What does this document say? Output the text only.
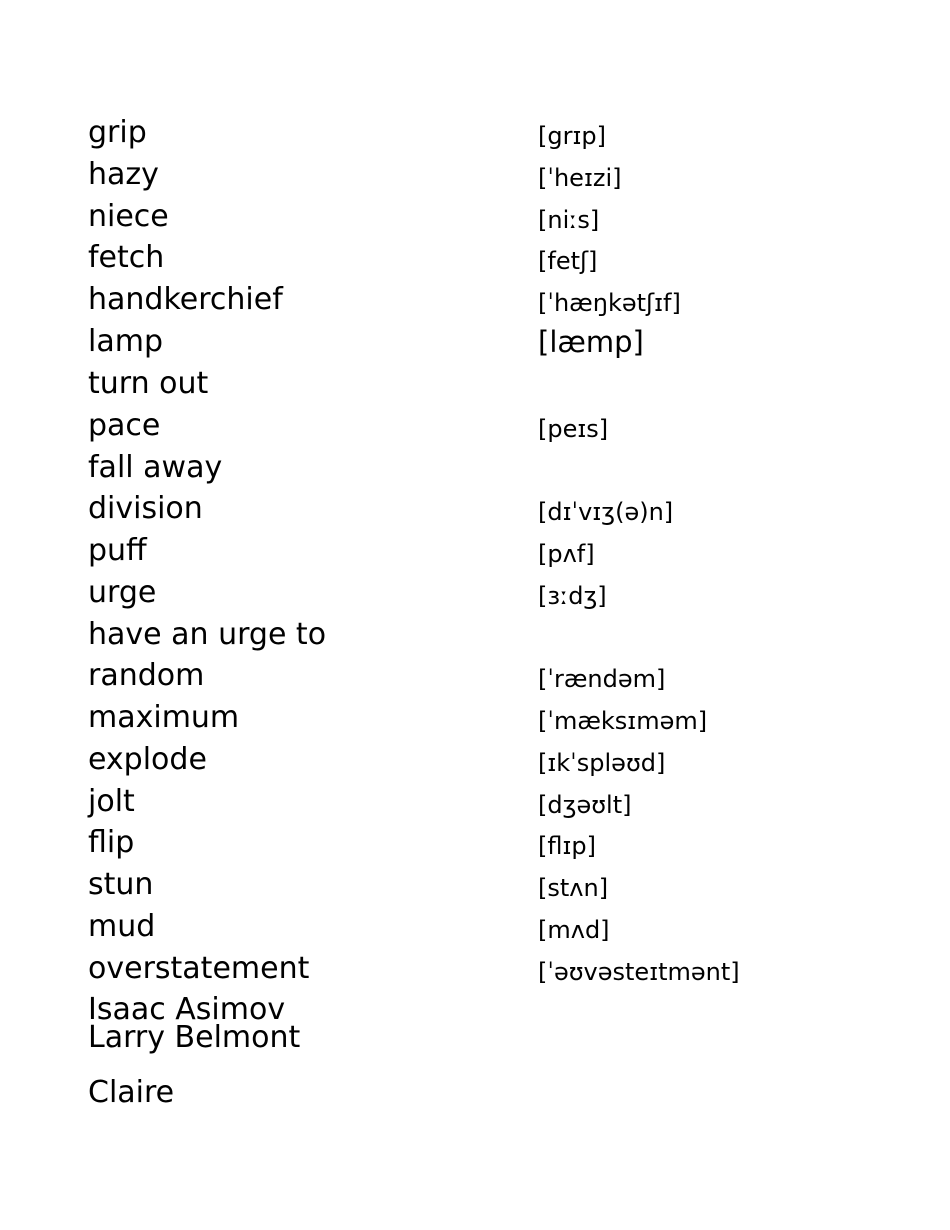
grip	[grɪp]
hazy	[ˈheɪzi]
niece	[niːs]
fetch	[fetʃ]
handkerchief	[ˈhæŋkətʃɪf]
lamp	[læmp]
turn out
pace	[peɪs]
fall away
division	[dɪˈvɪʒ(ə)n]
puff	[pʌf]
urge	[ɜːdʒ]
have an urge to
random	[ˈrændəm]
maximum	[ˈmæksɪməm]
explode	[ɪkˈspləʊd]
jolt	[dʒəʊlt]
flip	[flɪp]
stun	[stʌn]
mud	[mʌd]
overstatement	[ˈəʊvəsteɪtmənt]
Isaac Asimov
Larry Belmont
Claire
